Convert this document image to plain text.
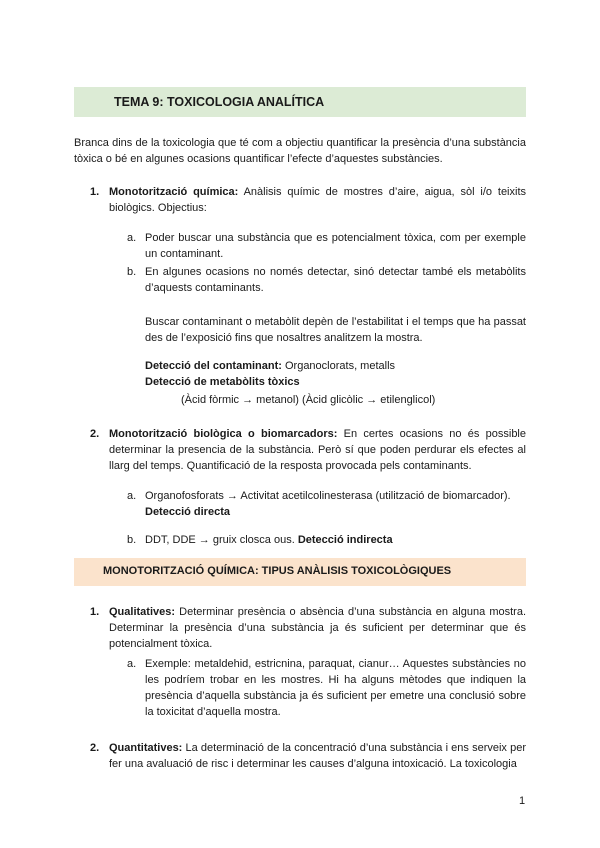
TEMA 9: TOXICOLOGIA ANALÍTICA
Branca dins de la toxicologia que té com a objectiu quantificar la presència d’una substància tòxica o bé en algunes ocasions quantificar l’efecte d’aquestes substàncies.
1. Monotorització química: Anàlisis químic de mostres d’aire, aigua, sòl i/o teixits biològics. Objectius:
a. Poder buscar una substància que es potencialment tòxica, com per exemple un contaminant.
b. En algunes ocasions no només detectar, sinó detectar també els metabòlits d’aquests contaminants.
Buscar contaminant o metabòlit depèn de l’estabilitat i el temps que ha passat des de l’exposició fins que nosaltres analitzem la mostra.
Detecció del contaminant: Organoclorats, metalls
Detecció de metabòlits tòxics
(Àcid fòrmic → metanol) (Àcid glicòlic → etilenglicol)
2. Monotorització biològica o biomarcadors: En certes ocasions no és possible determinar la presencia de la substància. Però sí que poden perdurar els efectes al llarg del temps. Quantificació de la resposta provocada pels contaminants.
a. Organofosforats → Activitat acetilcolinesterasa (utilització de biomarcador).
Detecció directa
b. DDT, DDE → gruix closca ous. Detecció indirecta
MONOTORITZACIÓ QUÍMICA: TIPUS ANÀLISIS TOXICOLÒGIQUES
1. Qualitatives: Determinar presència o absència d’una substància en alguna mostra. Determinar la presència d’una substància ja és suficient per determinar que és potencialment tòxica.
a. Exemple: metaldehid, estricnina, paraquat, cianur… Aquestes substàncies no les podríem trobar en les mostres. Hi ha alguns mètodes que indiquen la presència d’aquella substància ja és suficient per emetre una conclusió sobre la toxicitat d’aquella mostra.
2. Quantitatives: La determinació de la concentració d’una substància i ens serveix per fer una avaluació de risc i determinar les causes d’alguna intoxicació. La toxicologia
1
